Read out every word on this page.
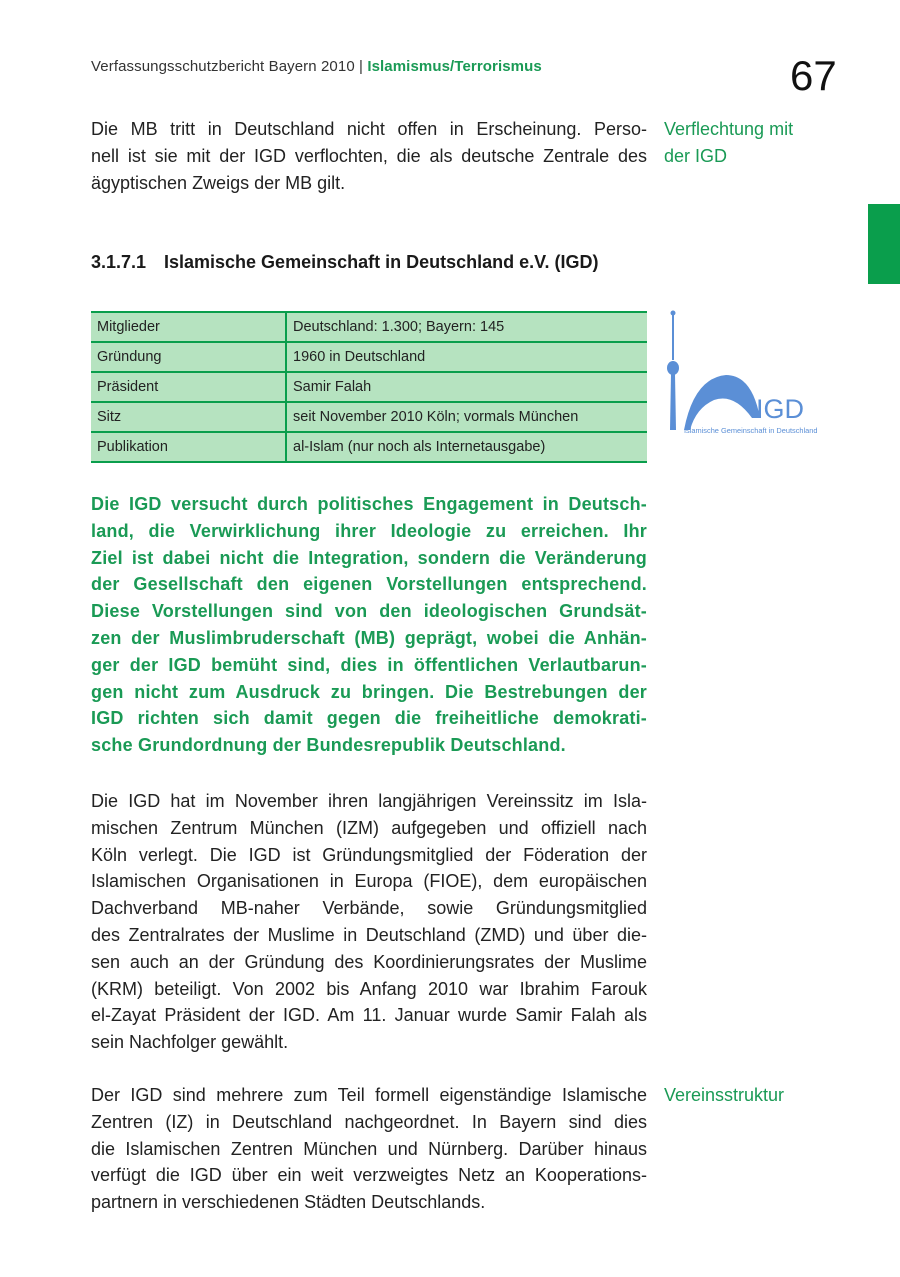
Verfassungsschutzbericht Bayern 2010 | Islamismus/Terrorismus	67
Die MB tritt in Deutschland nicht offen in Erscheinung. Perso-
nell ist sie mit der IGD verflochten, die als deutsche Zentrale des
ägyptischen Zweigs der MB gilt.
Verflechtung mit
der IGD
3.1.7.1 Islamische Gemeinschaft in Deutschland e.V. (IGD)
Mitglieder	Deutschland: 1.300; Bayern: 145
Gründung	1960 in Deutschland
Präsident	Samir Falah
Sitz	seit November 2010 Köln; vormals München
Publikation	al-Islam (nur noch als Internetausgabe)
IGD
Islamische Gemeinschaft in Deutschland
Die IGD versucht durch politisches Engagement in Deutsch-
land, die Verwirklichung ihrer Ideologie zu erreichen. Ihr
Ziel ist dabei nicht die Integration, sondern die Veränderung
der Gesellschaft den eigenen Vorstellungen entsprechend.
Diese Vorstellungen sind von den ideologischen Grundsät-
zen der Muslimbruderschaft (MB) geprägt, wobei die Anhän-
ger der IGD bemüht sind, dies in öffentlichen Verlautbarun-
gen nicht zum Ausdruck zu bringen. Die Bestrebungen der
IGD richten sich damit gegen die freiheitliche demokrati-
sche Grundordnung der Bundesrepublik Deutschland.
Die IGD hat im November ihren langjährigen Vereinssitz im Isla-
mischen Zentrum München (IZM) aufgegeben und offiziell nach
Köln verlegt. Die IGD ist Gründungsmitglied der Föderation der
Islamischen Organisationen in Europa (FIOE), dem europäischen
Dachverband MB-naher Verbände, sowie Gründungsmitglied
des Zentralrates der Muslime in Deutschland (ZMD) und über die-
sen auch an der Gründung des Koordinierungsrates der Muslime
(KRM) beteiligt. Von 2002 bis Anfang 2010 war Ibrahim Farouk
el-Zayat Präsident der IGD. Am 11. Januar wurde Samir Falah als
sein Nachfolger gewählt.
Der IGD sind mehrere zum Teil formell eigenständige Islamische
Zentren (IZ) in Deutschland nachgeordnet. In Bayern sind dies
die Islamischen Zentren München und Nürnberg. Darüber hinaus
verfügt die IGD über ein weit verzweigtes Netz an Kooperations-
partnern in verschiedenen Städten Deutschlands.
Vereinsstruktur
